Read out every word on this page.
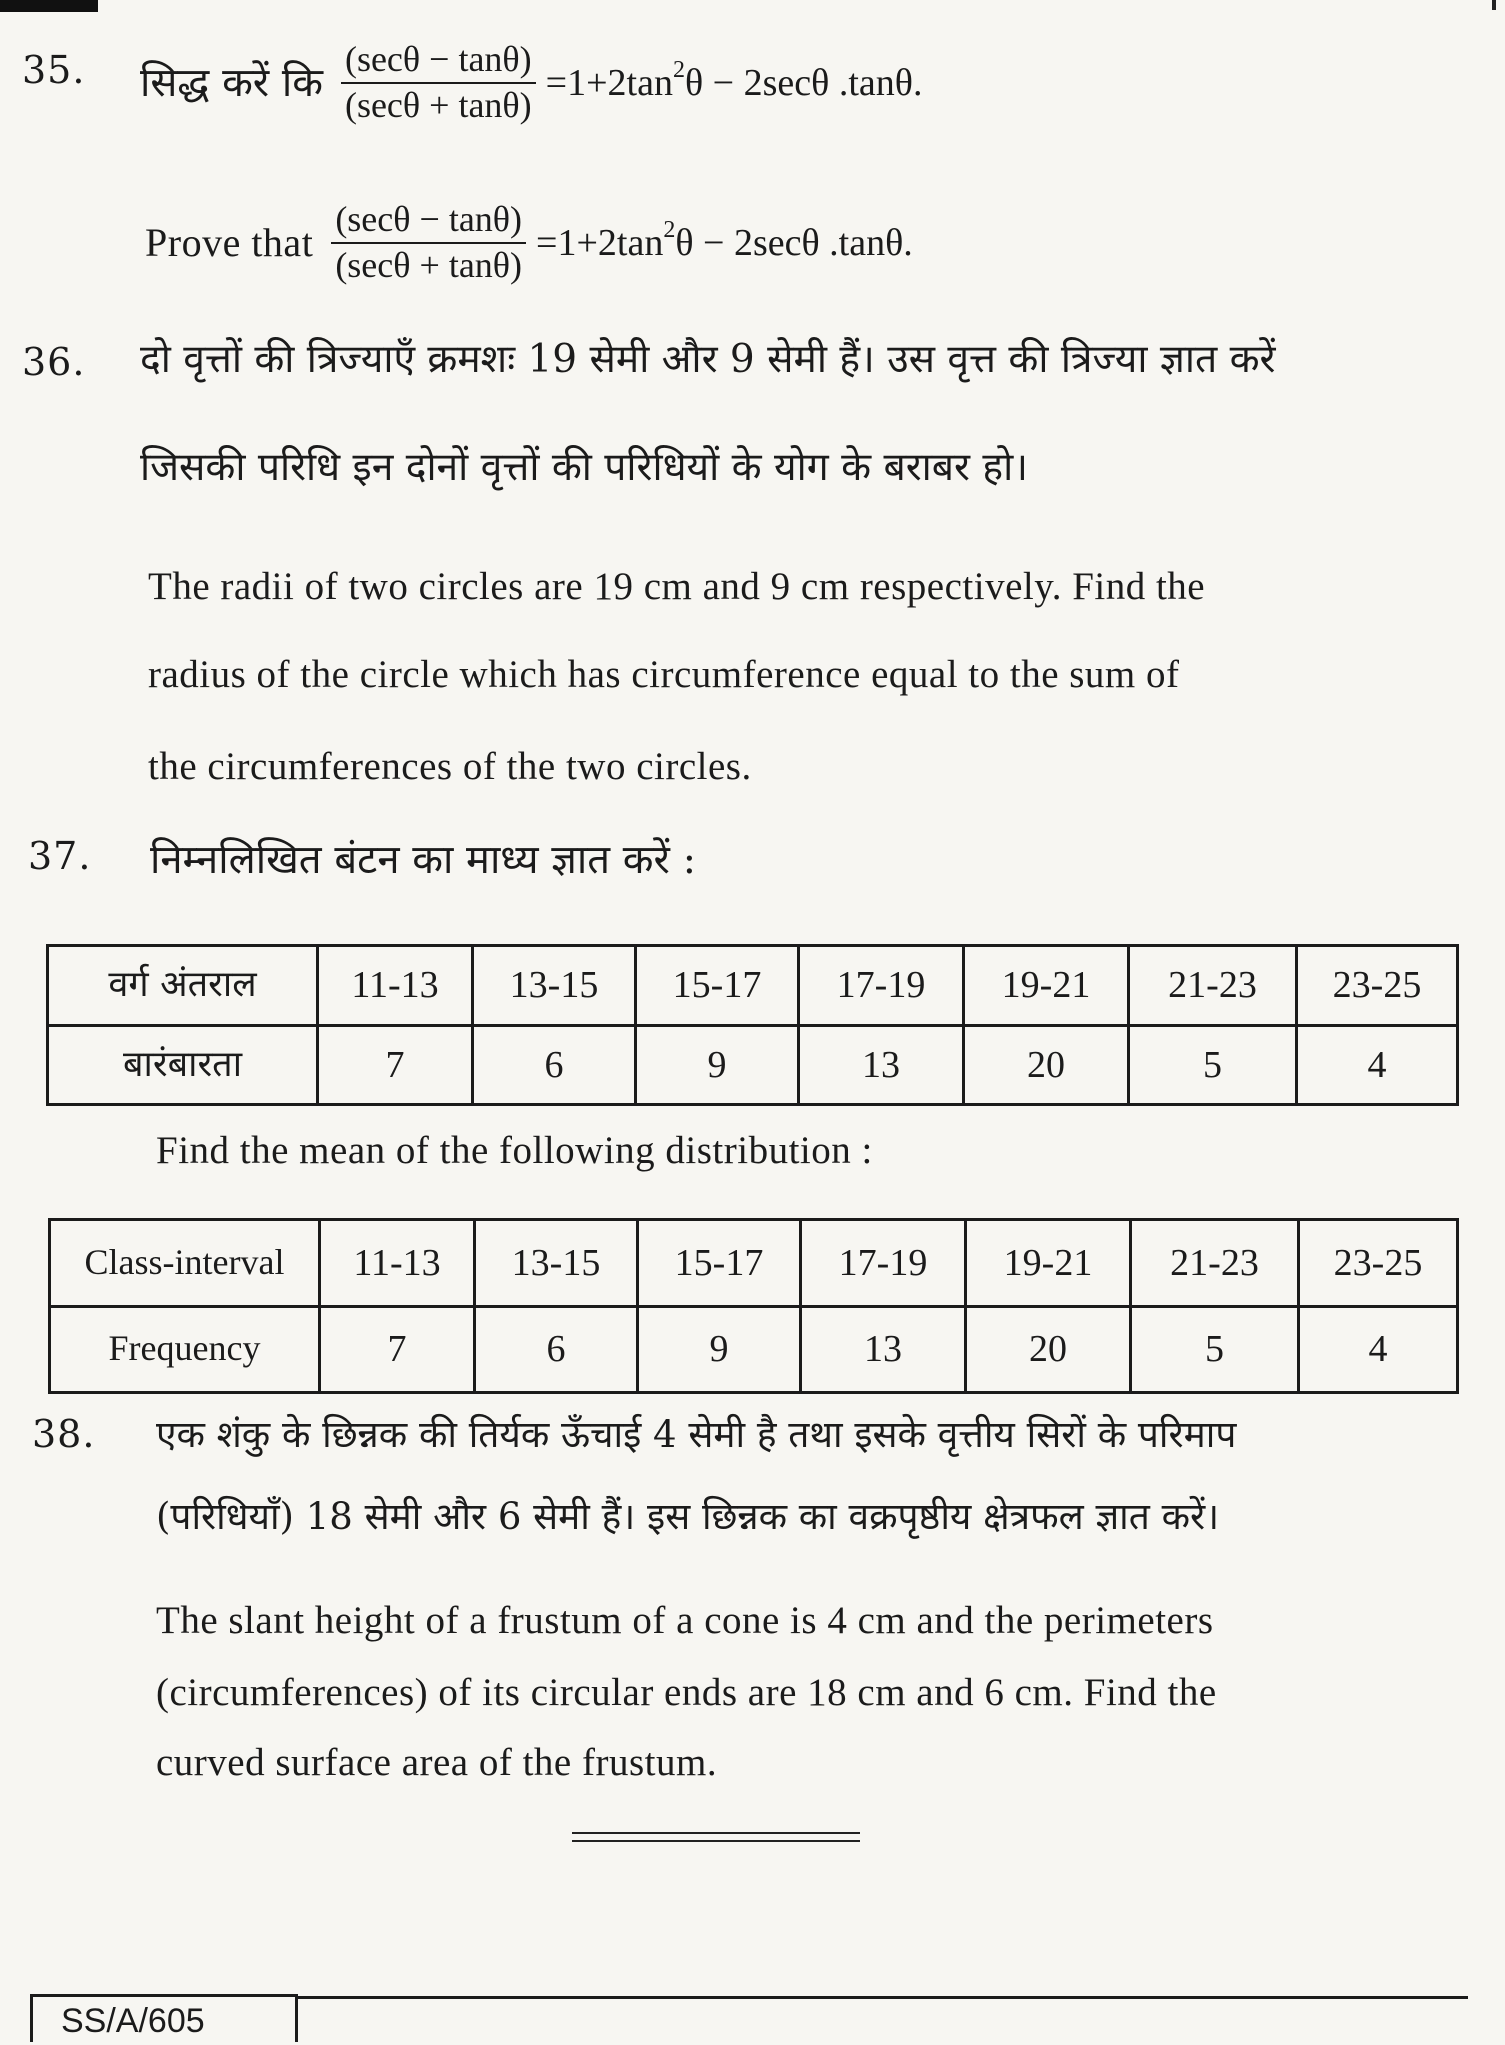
35. सिद्ध करें कि $\frac{(\sec\theta - \tan\theta)}{(\sec\theta + \tan\theta)} =1+2\tan^2\theta - 2\sec\theta$ .tanθ.
Prove that $\frac{(\sec\theta - \tan\theta)}{(\sec\theta + \tan\theta)} =1+2\tan^2\theta - 2\sec\theta$ .tanθ.
36. दो वृत्तों की त्रिज्याएँ क्रमशः 19 सेमी और 9 सेमी हैं। उस वृत्त की त्रिज्या ज्ञात करें
जिसकी परिधि इन दोनों वृत्तों की परिधियों के योग के बराबर हो।
The radii of two circles are 19 cm and 9 cm respectively. Find the
radius of the circle which has circumference equal to the sum of
the circumferences of the two circles.
37. निम्नलिखित बंटन का माध्य ज्ञात करें :
वर्ग अंतराल	11-13	13-15	15-17	17-19	19-21	21-23	23-25
बारंबारता	7	6	9	13	20	5	4
Find the mean of the following distribution :
Class-interval	11-13	13-15	15-17	17-19	19-21	21-23	23-25
Frequency	7	6	9	13	20	5	4
38. एक शंकु के छिन्नक की तिर्यक ऊँचाई 4 सेमी है तथा इसके वृत्तीय सिरों के परिमाप
(परिधियाँ) 18 सेमी और 6 सेमी हैं। इस छिन्नक का वक्रपृष्ठीय क्षेत्रफल ज्ञात करें।
The slant height of a frustum of a cone is 4 cm and the perimeters
(circumferences) of its circular ends are 18 cm and 6 cm. Find the
curved surface area of the frustum.
SS/A/605
